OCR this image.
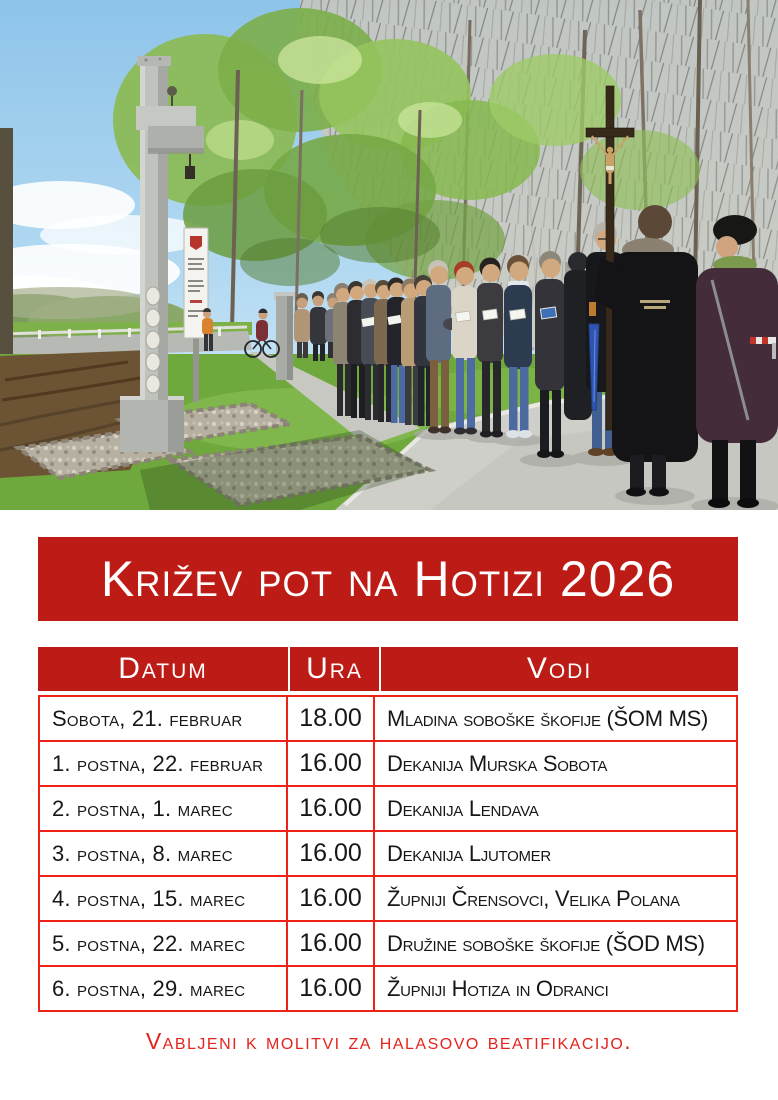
Križev pot na Hotizi 2026
Datum	Ura	Vodi
Sobota, 21. februar	18.00	Mladina soboške škofije (ŠOM MS)
1. postna, 22. februar	16.00	Dekanija Murska Sobota
2. postna, 1. marec	16.00	Dekanija Lendava
3. postna, 8. marec	16.00	Dekanija Ljutomer
4. postna, 15. marec	16.00	Župniji Črensovci, Velika Polana
5. postna, 22. marec	16.00	Družine soboške škofije (ŠOD MS)
6. postna, 29. marec	16.00	Župniji Hotiza in Odranci

Vabljeni k molitvi za halasovo beatifikacijo.
